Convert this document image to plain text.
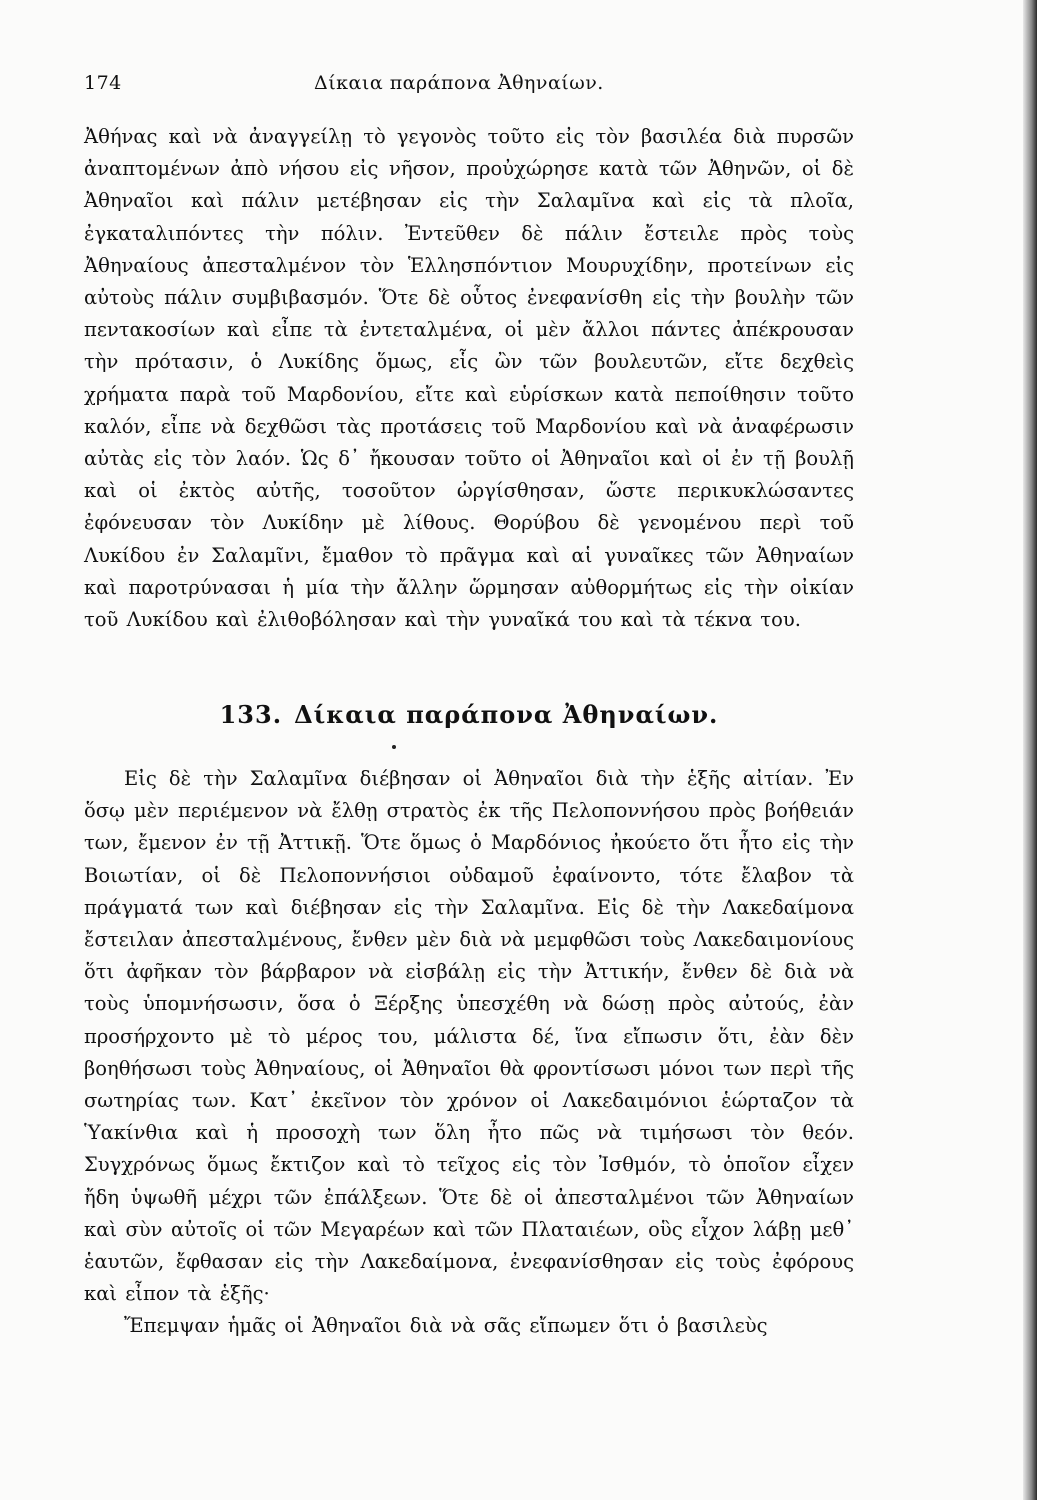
174	Δίκαια παράπονα Ἀθηναίων.

Ἀθήνας καὶ νὰ ἀναγγείλῃ τὸ γεγονὸς τοῦτο εἰς τὸν βασιλέα διὰ πυρσῶν ἀναπτομένων ἀπὸ νήσου εἰς νῆσον, προὐχώρησε κατὰ τῶν Ἀθηνῶν, οἱ δὲ Ἀθηναῖοι καὶ πάλιν μετέβησαν εἰς τὴν Σαλαμῖνα καὶ εἰς τὰ πλοῖα, ἐγκαταλιπόντες τὴν πόλιν. Ἐντεῦθεν δὲ πάλιν ἔστειλε πρὸς τοὺς Ἀθηναίους ἀπεσταλμένον τὸν Ἑλλησπόντιον Μουρυχίδην, προτείνων εἰς αὐτοὺς πάλιν συμβιβασμόν. Ὅτε δὲ οὗτος ἐνεφανίσθη εἰς τὴν βουλὴν τῶν πεντακοσίων καὶ εἶπε τὰ ἐντεταλμένα, οἱ μὲν ἄλλοι πάντες ἀπέκρουσαν τὴν πρότασιν, ὁ Λυκίδης ὅμως, εἷς ὢν τῶν βουλευτῶν, εἴτε δεχθεὶς χρήματα παρὰ τοῦ Μαρδονίου, εἴτε καὶ εὑρίσκων κατὰ πεποίθησιν τοῦτο καλόν, εἶπε νὰ δεχθῶσι τὰς προτάσεις τοῦ Μαρδονίου καὶ νὰ ἀναφέρωσιν αὐτὰς εἰς τὸν λαόν. Ὡς δ᾽ ἤκουσαν τοῦτο οἱ Ἀθηναῖοι καὶ οἱ ἐν τῇ βουλῇ καὶ οἱ ἐκτὸς αὐτῆς, τοσοῦτον ὠργίσθησαν, ὥστε περικυκλώσαντες ἐφόνευσαν τὸν Λυκίδην μὲ λίθους. Θορύβου δὲ γενομένου περὶ τοῦ Λυκίδου ἐν Σαλαμῖνι, ἔμαθον τὸ πρᾶγμα καὶ αἱ γυναῖκες τῶν Ἀθηναίων καὶ παροτρύνασαι ἡ μία τὴν ἄλλην ὥρμησαν αὐθορμήτως εἰς τὴν οἰκίαν τοῦ Λυκίδου καὶ ἐλιθοβόλησαν καὶ τὴν γυναῖκά του καὶ τὰ τέκνα του.

133. Δίκαια παράπονα Ἀθηναίων.

Εἰς δὲ τὴν Σαλαμῖνα διέβησαν οἱ Ἀθηναῖοι διὰ τὴν ἑξῆς αἰτίαν. Ἐν ὅσῳ μὲν περιέμενον νὰ ἔλθῃ στρατὸς ἐκ τῆς Πελοποννήσου πρὸς βοήθειάν των, ἔμενον ἐν τῇ Ἀττικῇ. Ὅτε ὅμως ὁ Μαρδόνιος ἠκούετο ὅτι ἦτο εἰς τὴν Βοιωτίαν, οἱ δὲ Πελοποννήσιοι οὐδαμοῦ ἐφαίνοντο, τότε ἔλαβον τὰ πράγματά των καὶ διέβησαν εἰς τὴν Σαλαμῖνα. Εἰς δὲ τὴν Λακεδαίμονα ἔστειλαν ἀπεσταλμένους, ἔνθεν μὲν διὰ νὰ μεμφθῶσι τοὺς Λακεδαιμονίους ὅτι ἀφῆκαν τὸν βάρβαρον νὰ εἰσβάλῃ εἰς τὴν Ἀττικήν, ἔνθεν δὲ διὰ νὰ τοὺς ὑπομνήσωσιν, ὅσα ὁ Ξέρξης ὑπεσχέθη νὰ δώσῃ πρὸς αὐτούς, ἐὰν προσήρχοντο μὲ τὸ μέρος του, μάλιστα δέ, ἵνα εἴπωσιν ὅτι, ἐὰν δὲν βοηθήσωσι τοὺς Ἀθηναίους, οἱ Ἀθηναῖοι θὰ φροντίσωσι μόνοι των περὶ τῆς σωτηρίας των. Κατ᾽ ἐκεῖνον τὸν χρόνον οἱ Λακεδαιμόνιοι ἑώρταζον τὰ Ὑακίνθια καὶ ἡ προσοχὴ των ὅλη ἦτο πῶς νὰ τιμήσωσι τὸν θεόν. Συγχρόνως ὅμως ἔκτιζον καὶ τὸ τεῖχος εἰς τὸν Ἰσθμόν, τὸ ὁποῖον εἶχεν ἤδη ὑψωθῆ μέχρι τῶν ἐπάλξεων. Ὅτε δὲ οἱ ἀπεσταλμένοι τῶν Ἀθηναίων καὶ σὺν αὐτοῖς οἱ τῶν Μεγαρέων καὶ τῶν Πλαταιέων, οὓς εἶχον λάβῃ μεθ᾽ ἑαυτῶν, ἔφθασαν εἰς τὴν Λακεδαίμονα, ἐνεφανίσθησαν εἰς τοὺς ἐφόρους καὶ εἶπον τὰ ἑξῆς·

Ἔπεμψαν ἡμᾶς οἱ Ἀθηναῖοι διὰ νὰ σᾶς εἴπωμεν ὅτι ὁ βασιλεὺς
